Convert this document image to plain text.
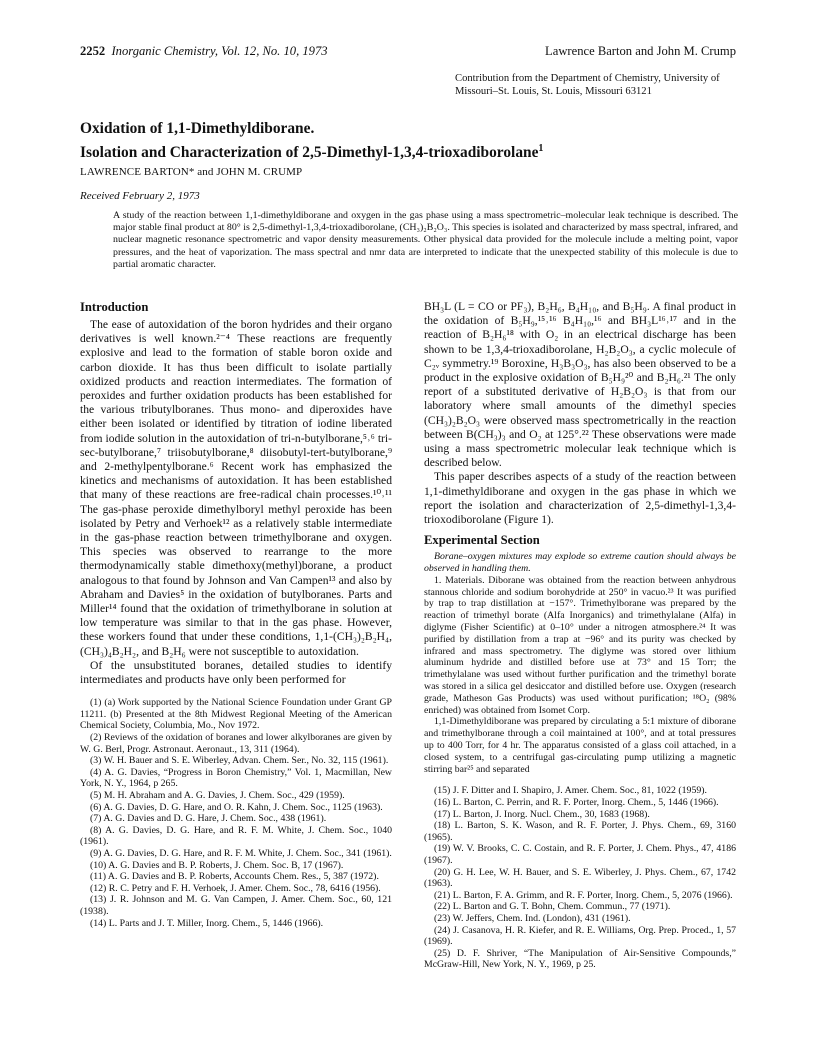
2252 Inorganic Chemistry, Vol. 12, No. 10, 1973	Lawrence Barton and John M. Crump
Contribution from the Department of Chemistry, University of Missouri–St. Louis, St. Louis, Missouri 63121
Oxidation of 1,1-Dimethyldiborane.
Isolation and Characterization of 2,5-Dimethyl-1,3,4-trioxadiborolane$^1$
LAWRENCE BARTON* and JOHN M. CRUMP
Received February 2, 1973
A study of the reaction between 1,1-dimethyldiborane and oxygen in the gas phase using a mass spectrometric–molecular leak technique is described. The major stable final product at 80° is 2,5-dimethyl-1,3,4-trioxadiborolane, (CH₃)₂B₂O₃. This species is isolated and characterized by mass spectral, infrared, and nuclear magnetic resonance spectrometric and vapor density measurements. Other physical data provided for the molecule include a melting point, vapor pressures, and the heat of vaporization. The mass spectral and nmr data are interpreted to indicate that the unexpected stability of this molecule is due to partial aromatic character.
Introduction

The ease of autoxidation of the boron hydrides and their organo derivatives is well known.²⁻⁴ These reactions are frequently explosive and lead to the formation of stable boron oxide and carbon dioxide. It has thus been difficult to isolate partially oxidized products and reaction intermediates. The formation of peroxides and further oxidation products has been established for the various tributylboranes. Thus mono- and diperoxides have either been isolated or identified by titration of iodine liberated from iodide solution in the autoxidation of tri-n-butylborane,⁵˒⁶ tri-sec-butylborane,⁷ triisobutylborane,⁸ diisobutyl-tert-butylborane,⁹ and 2-methylpentylborane.⁶ Recent work has emphasized the kinetics and mechanisms of autoxidation. It has been established that many of these reactions are free-radical chain processes.¹⁰˒¹¹ The gas-phase peroxide dimethylboryl methyl peroxide has been isolated by Petry and Verhoek¹² as a relatively stable intermediate in the gas-phase reaction between trimethylborane and oxygen. This species was observed to rearrange to the more thermodynamically stable dimethoxy(methyl)borane, a product analogous to that found by Johnson and Van Campen¹³ and also by Abraham and Davies⁵ in the oxidation of butylboranes. Parts and Miller¹⁴ found that the oxidation of trimethylborane in solution at low temperature was similar to that in the gas phase. However, these workers found that under these conditions, 1,1-(CH₃)₂B₂H₄, (CH₃)₄B₂H₂, and B₂H₆ were not susceptible to autoxidation.

Of the unsubstituted boranes, detailed studies to identify intermediates and products have only been performed for

(1) (a) Work supported by the National Science Foundation under Grant GP 11211. (b) Presented at the 8th Midwest Regional Meeting of the American Chemical Society, Columbia, Mo., Nov 1972.

(2) Reviews of the oxidation of boranes and lower alkylboranes are given by W. G. Berl, Progr. Astronaut. Aeronaut., 13, 311 (1964).

(3) W. H. Bauer and S. E. Wiberley, Advan. Chem. Ser., No. 32, 115 (1961).

(4) A. G. Davies, “Progress in Boron Chemistry,” Vol. 1, Macmillan, New York, N. Y., 1964, p 265.

(5) M. H. Abraham and A. G. Davies, J. Chem. Soc., 429 (1959).

(6) A. G. Davies, D. G. Hare, and O. R. Kahn, J. Chem. Soc., 1125 (1963).

(7) A. G. Davies and D. G. Hare, J. Chem. Soc., 438 (1961).

(8) A. G. Davies, D. G. Hare, and R. F. M. White, J. Chem. Soc., 1040 (1961).

(9) A. G. Davies, D. G. Hare, and R. F. M. White, J. Chem. Soc., 341 (1961).

(10) A. G. Davies and B. P. Roberts, J. Chem. Soc. B, 17 (1967).

(11) A. G. Davies and B. P. Roberts, Accounts Chem. Res., 5, 387 (1972).

(12) R. C. Petry and F. H. Verhoek, J. Amer. Chem. Soc., 78, 6416 (1956).

(13) J. R. Johnson and M. G. Van Campen, J. Amer. Chem. Soc., 60, 121 (1938).

(14) L. Parts and J. T. Miller, Inorg. Chem., 5, 1446 (1966).

BH₃L (L = CO or PF₃), B₂H₆, B₄H₁₀, and B₅H₉. A final product in the oxidation of B₅H₉,¹⁵˒¹⁶ B₄H₁₀,¹⁶ and BH₃L¹⁶˒¹⁷ and in the reaction of B₂H₆¹⁸ with O₂ in an electrical discharge has been shown to be 1,3,4-trioxadiborolane, H₂B₂O₃, a cyclic molecule of C₂ᵥ symmetry.¹⁹ Boroxine, H₃B₃O₃, has also been observed to be a product in the explosive oxidation of B₅H₉²⁰ and B₂H₆.²¹ The only report of a substituted derivative of H₂B₂O₃ is that from our laboratory where small amounts of the dimethyl species (CH₃)₂B₂O₃ were observed mass spectrometrically in the reaction between B(CH₃)₃ and O₂ at 125°.²² These observations were made using a mass spectrometric molecular leak technique which is described below.

This paper describes aspects of a study of the reaction between 1,1-dimethyldiborane and oxygen in the gas phase in which we report the isolation and characterization of 2,5-dimethyl-1,3,4-trioxodiborolane (Figure 1).

Experimental Section

Borane–oxygen mixtures may explode so extreme caution should always be observed in handling them.

1. Materials. Diborane was obtained from the reaction between anhydrous stannous chloride and sodium borohydride at 250° in vacuo.²³ It was purified by trap to trap distillation at −157°. Trimethylborane was prepared by the reaction of trimethyl borate (Alfa Inorganics) and trimethylalane (Alfa) in diglyme (Fisher Scientific) at 0–10° under a nitrogen atmosphere.²⁴ It was purified by distillation from a trap at −96° and its purity was checked by infrared and mass spectrometry. The diglyme was stored over lithium aluminum hydride and distilled before use at 73° and 15 Torr; the trimethylalane was used without further purification and the trimethyl borate was stored in a silica gel desiccator and distilled before use. Oxygen (research grade, Matheson Gas Products) was used without purification; ¹⁸O₂ (98% enriched) was obtained from Isomet Corp.

1,1-Dimethyldiborane was prepared by circulating a 5:1 mixture of diborane and trimethylborane through a coil maintained at 100°, and at total pressures up to 400 Torr, for 4 hr. The apparatus consisted of a glass coil attached, in a closed system, to a centrifugal gas-circulating pump utilizing a magnetic stirring bar²⁵ and separated

(15) J. F. Ditter and I. Shapiro, J. Amer. Chem. Soc., 81, 1022 (1959).

(16) L. Barton, C. Perrin, and R. F. Porter, Inorg. Chem., 5, 1446 (1966).

(17) L. Barton, J. Inorg. Nucl. Chem., 30, 1683 (1968).

(18) L. Barton, S. K. Wason, and R. F. Porter, J. Phys. Chem., 69, 3160 (1965).

(19) W. V. Brooks, C. C. Costain, and R. F. Porter, J. Chem. Phys., 47, 4186 (1967).

(20) G. H. Lee, W. H. Bauer, and S. E. Wiberley, J. Phys. Chem., 67, 1742 (1963).

(21) L. Barton, F. A. Grimm, and R. F. Porter, Inorg. Chem., 5, 2076 (1966).

(22) L. Barton and G. T. Bohn, Chem. Commun., 77 (1971).

(23) W. Jeffers, Chem. Ind. (London), 431 (1961).

(24) J. Casanova, H. R. Kiefer, and R. E. Williams, Org. Prep. Proced., 1, 57 (1969).

(25) D. F. Shriver, “The Manipulation of Air-Sensitive Compounds,” McGraw-Hill, New York, N. Y., 1969, p 25.
